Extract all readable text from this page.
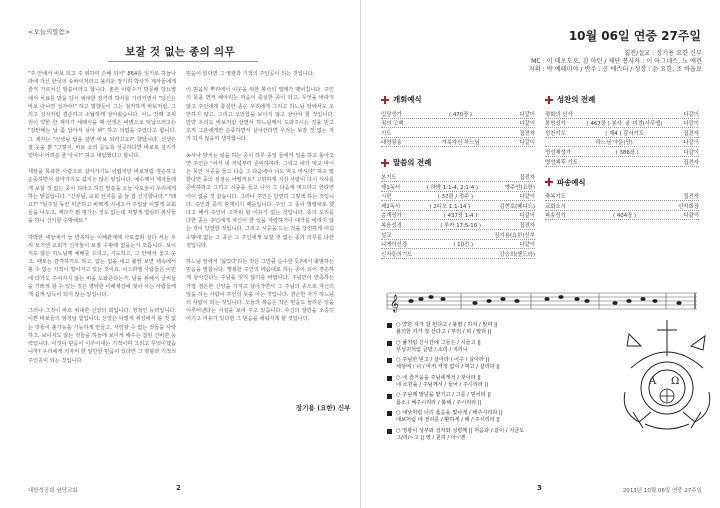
<오늘의말씀>
보잘 것 없는 종의 의무

"주 안에서 비보 되고 주 위하여 손해 되어" 864를 일기로 하늘나라에 가신 한국의 슈바이처라고 불리운 장기려 박사가 제자들에게 즐겨 가르치신 말씀이라고 합니다. 춘원 이광수가 방문해 당뇨병에서 치료를 받을 당시 위대한 장기려 박사를 가리키면서 "당신은 바보 아니면 성자야!" 하고 말했듯이 그는 철저하게 바보처럼, 그리고 성자처럼 겸손하고 소탈하게 살아왔습니다. 어느 장례 조위원이 약한 한 제자가 세례식을 때 선생은 비병으로 떠납으러고는 "감탄해는 날 좀 답아서 살아 봐" 하고 의업을 주었다고 합니다. 그 제자는 "선생님 답을 살면 바보 되라고요?" 했답니다. 선생은 잘 웃을 뿐 "그렇지, 바보 소리 듣도록 성공하다면 바보로 살기가 얼마나 어려운 줄 아니?" 하고 대답했다고 합니다.

세상을 목욕한 사람으로 살아가기도 어렵지만 바보처럼 겸손하고 순종하면서 살아가기도 쉽지는 않은 일입니다. 예수께서 제자들에게 보잘 것 없는 종이 되라고 하신 말씀을 오늘 사도들이 우리에게 하는 말씀입니다. "신부님, 교회 선지를 좀 늘 잡 신기합니다." "왜요?" "일주일 동안 미군하고 바쁘게 지내고서 주일날 이렇게 교회들을 나오고, 게다가 뭔 평가는 것도 없는데 저렇게 열심히 봉사들을 하니 신기할 수밖에요."

각박한 세상에서 늘 반목하는 이해관계에 사로잡혀 살다 서는 우리 보기엔 교회가 신자들이 보잘 수밖에 없을는지 모릅니다. 보이지도 않는 하느님께 예배를 드리고, 기도하고, 그 안에서 울고 웃고, 때로는 감격하기도 하고, 없는 힘을 내고 불쌍 보면 세속에서 볼 수 없는 기적이 벌어지고 있는 것이죠. 이스라엘 사람들은 이민에 다가도 주어지지 않는 비을 도와준다는가, 남을 위해서 글씨들을 기쁘게 할 수 있는 것은 영악한 이해계산에 젖어 사는 사람들에게 쉽게 납득이 되지 않는 일입니다.

그러나 그것이 바로 위대한 신앙의 회입니다. 영적인 능력입니다. 이쁜 바보들의 엄청날 힘입니다. 신앙은 이렇게 세상에서 볼 것 없는 것들이 불가능을 가능하게 만들고, 사랑할 수 없는 것들을 사랑하고, 보이지도 않는 것들을 하늘에 보이게 해주는 참된 신비한 능력입니다. 이것이 믿음이 이루어내는 기적이며 그리고 무엇이겠습니까? 우리에게 거자씨 한 알만한 믿음이 있다면 그 영광과 기적의 주인공이 되는 것입니다.

믿음이 있다면 그 영광과 기적의 주인공이 되는 것입니다.

이 믿음의 뿌리에서 이웃을 위한 봉사의 열매가 맺어집니다. 주인의 뜻을 먼저 헤아리는 마음이 충실한 종이 되고, 무엇을 바라지 않고 주인에게 충실한 종은 우리에게 그리고 하느님 앞에서도 오만하지 않고, 그리고 오만함을 보이지 않고 살아야 할 것입니다. 만약 우리도 바보처럼 살면서 하느님께서 도와주시는 것을 믿고 오직 그분에게만 순종하면서 살아간다면 우리는 보잘 것 없는 자가 되지 않을까 생각합니다.

농사나 양치는 일을 하는 종이 하루 종일 들에서 일을 하고 돌아오면 주인은 "어서 내 저녁부터 준비하여라. 그리고 내가 먹고 마시는 동안 시중을 들고 다음 그 다음에야 너도 먹고 마셔라" 하고 말한다면 종의 심정은 어떨까요? 고단하게 지친 사람이 다시 식사를 준비하라고 그리고 시중을 들고 나서 그 다음에 먹으라고 한다면 어이 없을 것 같습니다. 그러나 주인은 당연히 그렇게 하는 것입니다. 주인과 종의 관계이기 때문입니다. 주인 그 종이 명령대로 했다고 해서 주인이 고마워 할 이유가 없는 것입니다. 종의 도리를 다한 종은 주인에게 자신이 한 일을 자랑하거나 대가를 바라지 않는 것이 당연한 것입니다. 그리고 시중을 드는 것을 당연하게 여길 수밖에 없는 그 종은 그 주인에게 보잘 것 없는 종의 의무를 다한 것입니다.

하느님 앞에서 '싫었다'라는 것은 그만큼 순수한 듯?에서 출발하는 믿음을 말합니다. 행복한 주인의 마음대로 하는 종이 되어 겸손하게 살아간다는 주님을 잊지 않기를 바랍니다. 주님만이 만족하는 가장 겸손한 신앙을 가지고 살아가면서 그 주님의 종으로 자신의 일을 하는 사람이 주인의 뜻을 아는 것입니다. 겸손한 자가 하느님의 사람이 되는 것입니다. 오늘의 복음은 작은 믿음도 놀라운 일을 이루어낸다는 사실을 보여 주고 있습니다. 자신의 일만을 소중히 여기고 여유가 있다면 그 믿음을 채워지게 할 것입니다.

장기용 (요한) 신부
대한성공회 원당교회	2
10월 06일 연중 27주일
집전/설교 : 장기용 요한 신부
MC : 이 데오도로, 김 아틴 / 제단 봉사자 : 이 아그네스, 노 에린
지휘 : 박 예레미야 / 반주 : 공 에스더 / 성장 : 윤 요한, 조 바울로
개회예식
입당성가	( 470장 )	다같이
죄의 고백	다같이
기도	집전자
대영광송	거룩하신 하느님	다같이
말씀의 전례
본기도	집전자
제1독서	( 하박 1:1-4, 2:1-4 )	맹주연(요한)
시편	( 37편 / 정주 )	다같이
제2독서	( 2디모 1:1-14 )	김현호(베니드)
층계성가	( 437장 1-4 )	다같이
복음성경	( 루카 17:5-10 )	집전자
설교	장기용(요한)신부
니케아신경	( 10전 )	다같이
신자들의기도	강승희(헨드라)
성찬의 전례
평화의 인사	다같이
봉헌성가	( 467장 ) 봉사: 윤 미경(사무엘)	다같이
성찬기도	( 제4 ) 감사기도	집전자
하느님 아들(양)	다같이
영성체성가	( 386장 )	다같이
영성체후 기도	집전자
파송예식
축복기도	집전자
교회소식	신자회장
파송성가	( 404장 )	다같이
𝄞
○ 약한 자가 잘 된다고 / 불평 / 하지 / 말며 ||
불의한 자가 잘 산다고 / 부러 / 워 / 말라 ||
○ 풀처럼 신시간에 그들은 / 시들고 ||
푸성귀처럼 금방 / 소리 / 지리니
○ 주님만 믿고 / 살아라 / 어구 / 살아라 ||
세상에 / 너 / 마저 걱정 없이 / 먹고 / 살리라 ||
○ 네 즐거움을 주님에게서 / 찾아라 ||
네 소원을 / 주님께서 / 들어 / 주시리라 ||
○ 주님께 말넘을 맡기고 / 그를 / 믿어라 ||
몸소 / 해주시리라 / 봉해 / 주시리라 ||
○ 대낮처럼 너의 옳음을 빛나게 / 해주시리라 ||
대보처럼 네 권리를 / 환하게 / 해 / 주시리라 ||
○ 영광이 성부와 성자와 성령께 || 처음과 / 같이 / 지금도
그/리/~고 || 영 / 원히 / 아~멘
A Ω
3	2013년 10월 06일 연중 27주일
